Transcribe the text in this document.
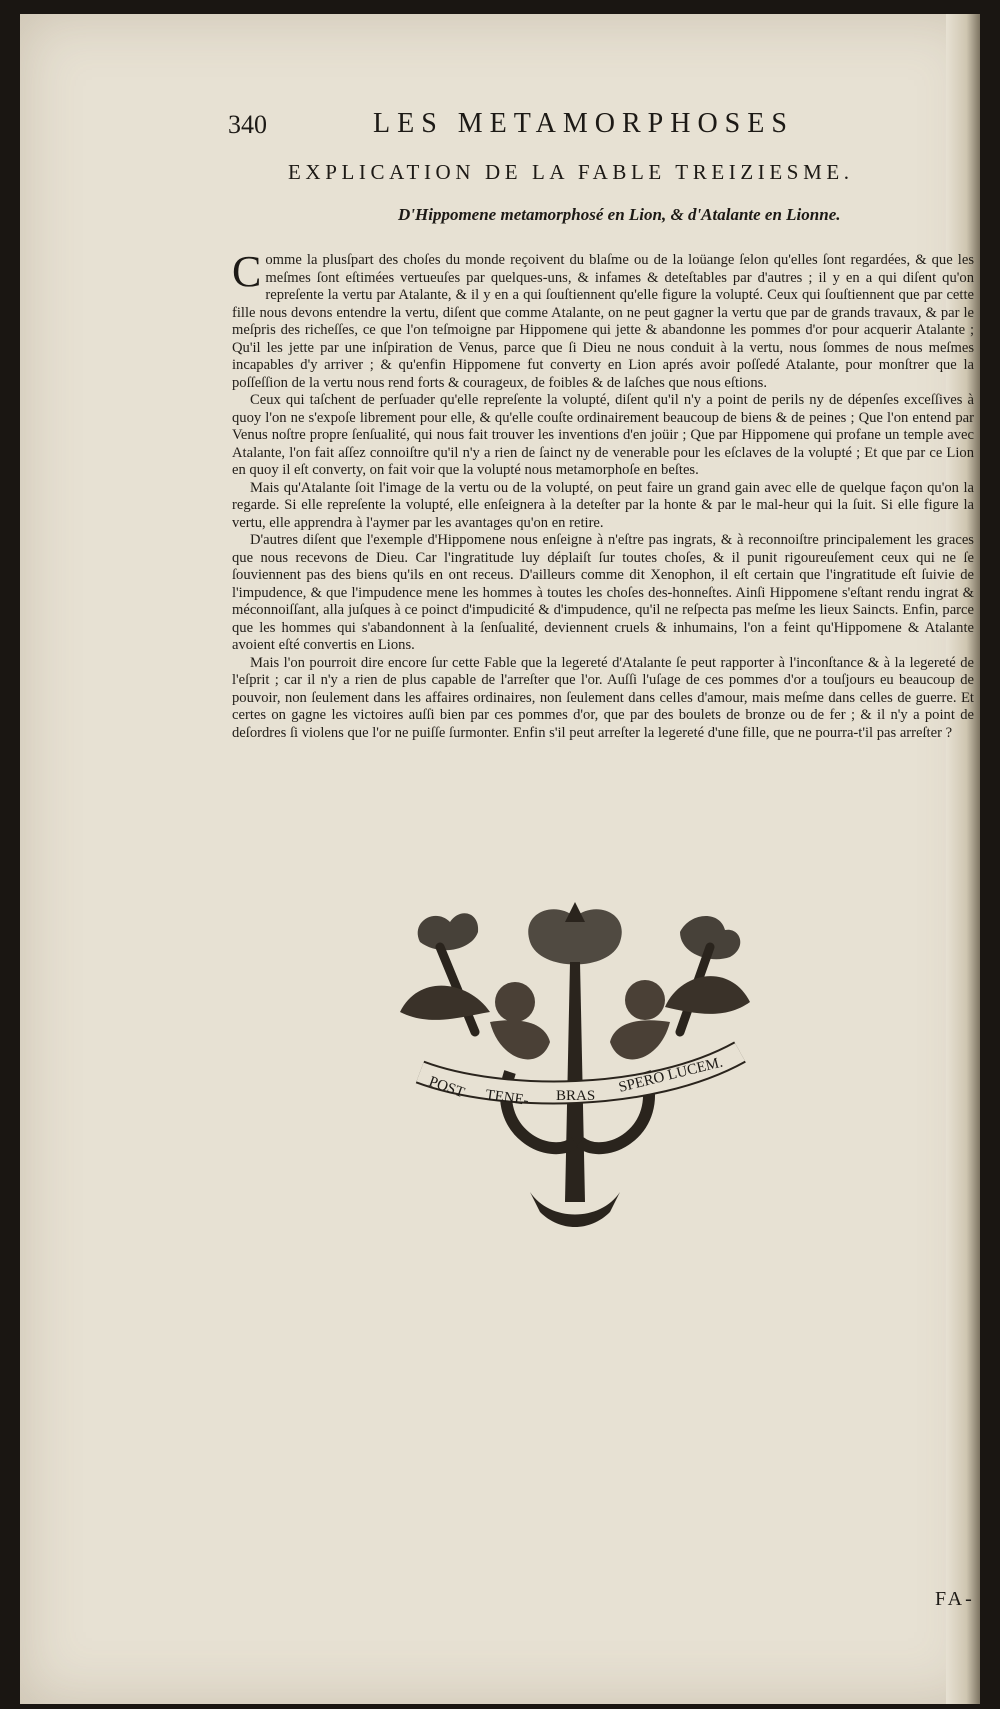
340	LES METAMORPHOSES
EXPLICATION DE LA FABLE TREIZIESME.
D'Hippomene metamorphosé en Lion, & d'Atalante en Lionne.

Comme la plusſpart des choſes du monde reçoivent du blaſme ou de la loüange ſelon qu'elles ſont regardées, & que les meſmes ſont eſtimées vertueuſes par quelques-uns, & infames & deteſtables par d'autres ; il y en a qui diſent qu'on repreſente la vertu par Atalante, & il y en a qui ſouſtiennent qu'elle figure la volupté. Ceux qui ſouſtiennent que par cette fille nous devons entendre la vertu, diſent que comme Atalante, on ne peut gagner la vertu que par de grands travaux, & par le meſpris des richeſſes, ce que l'on teſmoigne par Hippomene qui jette & abandonne les pommes d'or pour acquerir Atalante ; Qu'il les jette par une inſpiration de Venus, parce que ſi Dieu ne nous conduit à la vertu, nous ſommes de nous meſmes incapables d'y arriver ; & qu'enfin Hippomene fut converty en Lion aprés avoir poſſedé Atalante, pour monſtrer que la poſſeſſion de la vertu nous rend forts & courageux, de foibles & de laſches que nous eſtions.

Ceux qui taſchent de perſuader qu'elle repreſente la volupté, diſent qu'il n'y a point de perils ny de dépenſes exceſſives à quoy l'on ne s'expoſe librement pour elle, & qu'elle couſte ordinairement beaucoup de biens & de peines ; Que l'on entend par Venus noſtre propre ſenſualité, qui nous fait trouver les inventions d'en joüir ; Que par Hippomene qui profane un temple avec Atalante, l'on fait aſſez connoiſtre qu'il n'y a rien de ſainct ny de venerable pour les eſclaves de la volupté ; Et que par ce Lion en quoy il eſt converty, on fait voir que la volupté nous metamorphoſe en beſtes.

Mais qu'Atalante ſoit l'image de la vertu ou de la volupté, on peut faire un grand gain avec elle de quelque façon qu'on la regarde. Si elle repreſente la volupté, elle enſeignera à la deteſter par la honte & par le mal-heur qui la ſuit. Si elle figure la vertu, elle apprendra à l'aymer par les avantages qu'on en retire.

D'autres diſent que l'exemple d'Hippomene nous enſeigne à n'eſtre pas ingrats, & à reconnoiſtre principalement les graces que nous recevons de Dieu. Car l'ingratitude luy déplaiſt ſur toutes choſes, & il punit rigoureuſement ceux qui ne ſe ſouviennent pas des biens qu'ils en ont receus. D'ailleurs comme dit Xenophon, il eſt certain que l'ingratitude eſt ſuivie de l'impudence, & que l'impudence mene les hommes à toutes les choſes des-honneſtes. Ainſi Hippomene s'eſtant rendu ingrat & méconnoiſſant, alla juſques à ce poinct d'impudicité & d'impudence, qu'il ne reſpecta pas meſme les lieux Saincts. Enfin, parce que les hommes qui s'abandonnent à la ſenſualité, deviennent cruels & inhumains, l'on a feint qu'Hippomene & Atalante avoient eſté convertis en Lions.

Mais l'on pourroit dire encore ſur cette Fable que la legereté d'Atalante ſe peut rapporter à l'inconſtance & à la legereté de l'eſprit ; car il n'y a rien de plus capable de l'arreſter que l'or. Auſſi l'uſage de ces pommes d'or a touſjours eu beaucoup de pouvoir, non ſeulement dans les affaires ordinaires, non ſeulement dans celles d'amour, mais meſme dans celles de guerre. Et certes on gagne les victoires auſſi bien par ces pommes d'or, que par des boulets de bronze ou de fer ; & il n'y a point de deſordres ſi violens que l'or ne puiſſe ſurmonter. Enfin s'il peut arreſter la legereté d'une fille, que ne pourra-t'il pas arreſter ?

POST TENE- BRAS
SPERO LUCEM.
FA-
